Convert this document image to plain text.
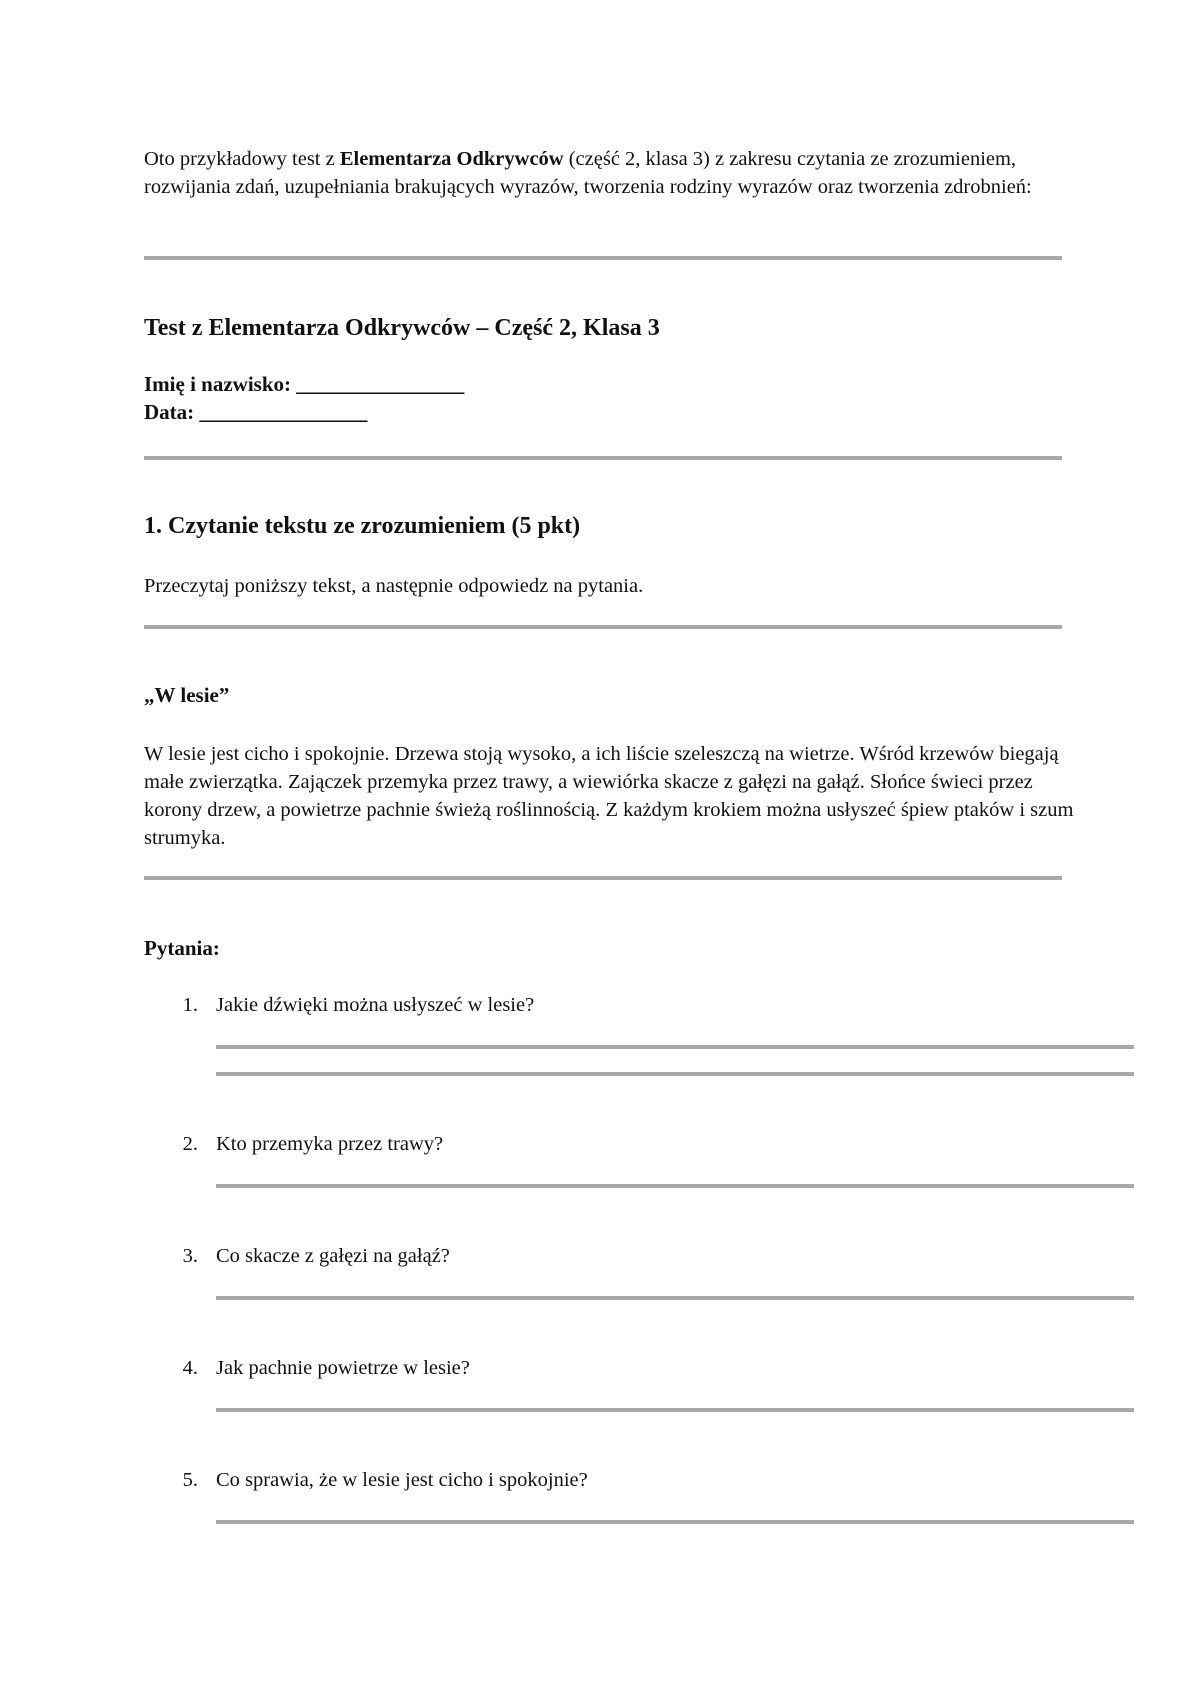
Oto przykładowy test z Elementarza Odkrywców (część 2, klasa 3) z zakresu czytania ze zrozumieniem, rozwijania zdań, uzupełniania brakujących wyrazów, tworzenia rodziny wyrazów oraz tworzenia zdrobnień:

Test z Elementarza Odkrywców – Część 2, Klasa 3
Imię i nazwisko: ________________
Data: ________________
1. Czytanie tekstu ze zrozumieniem (5 pkt)

Przeczytaj poniższy tekst, a następnie odpowiedz na pytania.

„W lesie”

W lesie jest cicho i spokojnie. Drzewa stoją wysoko, a ich liście szeleszczą na wietrze. Wśród krzewów biegają małe zwierzątka. Zajączek przemyka przez trawy, a wiewiórka skacze z gałęzi na gałąź. Słońce świeci przez korony drzew, a powietrze pachnie świeżą roślinnością. Z każdym krokiem można usłyszeć śpiew ptaków i szum strumyka.

Pytania:
1. Jakie dźwięki można usłyszeć w lesie?
2. Kto przemyka przez trawy?
3. Co skacze z gałęzi na gałąź?
4. Jak pachnie powietrze w lesie?
5. Co sprawia, że w lesie jest cicho i spokojnie?
